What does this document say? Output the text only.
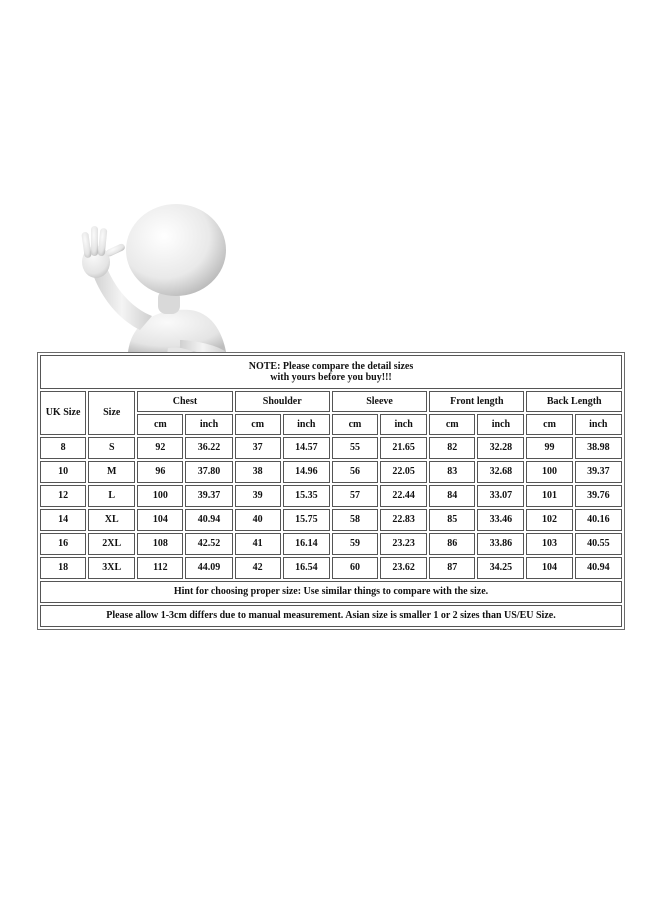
NOTE: Please compare the detail sizes
with yours before you buy!!!											

UK Size	Size	Chest		Shoulder		Sleeve		Front length		Back Length	
		cm	inch	cm	inch	cm	inch	cm	inch	cm	inch
8	S	92	36.22	37	14.57	55	21.65	82	32.28	99	38.98
10	M	96	37.80	38	14.96	56	22.05	83	32.68	100	39.37
12	L	100	39.37	39	15.35	57	22.44	84	33.07	101	39.76
14	XL	104	40.94	40	15.75	58	22.83	85	33.46	102	40.16
16	2XL	108	42.52	41	16.14	59	23.23	86	33.86	103	40.55
18	3XL	112	44.09	42	16.54	60	23.62	87	34.25	104	40.94
Hint for choosing proper size: Use similar things to compare with the size.											
Please allow 1-3cm differs due to manual measurement. Asian size is smaller 1 or 2 sizes than US/EU Size.											
